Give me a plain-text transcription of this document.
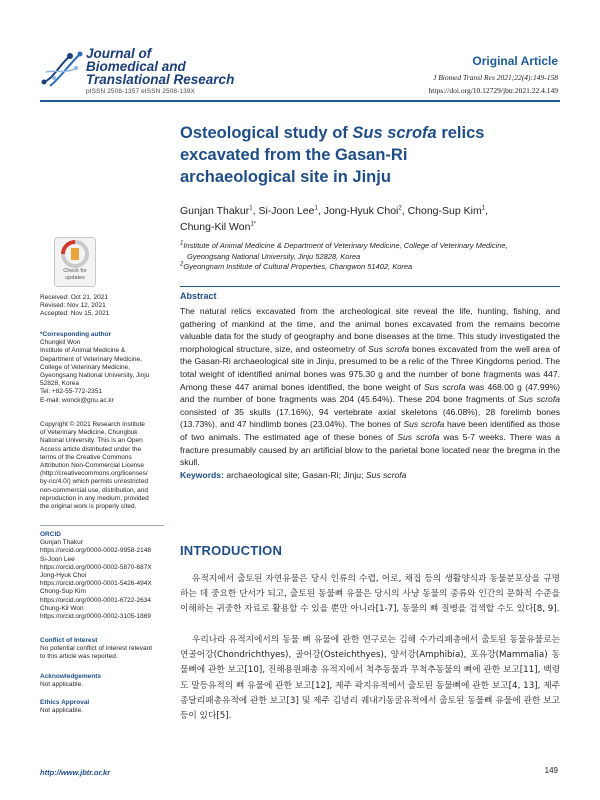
Journal of
Biomedical and
Translational Research
pISSN 2508-1357 eISSN 2508-139X
Original Article
J Biomed Transl Res 2021;22(4):149-158
https://doi.org/10.12729/jbtr.2021.22.4.149
Osteological study of Sus scrofa relics excavated from the Gasan-Ri archaeological site in Jinju
Gunjan Thakur$^1$, Si-Joon Lee$^1$, Jong-Hyuk Choi$^2$, Chong-Sup Kim$^1$,
Chung-Kil Won$^{1*}$
$^1$Institute of Animal Medicine & Department of Veterinary Medicine, College of Veterinary Medicine,
Gyeongsang National University, Jinju 52828, Korea
$^2$Gyeongnam Institute of Cultural Properties, Changwon 51402, Korea
Check for
updates
Received: Oct 21, 2021
Revised: Nov 12, 2021
Accepted: Nov 15, 2021
*Corresponding author
Chungkil Won
Institute of Animal Medicine &
Department of Veterinary Medicine,
College of Veterinary Medicine,
Gyeongsang National University, Jinju
52828, Korea
Tel: +82-55-772-2351
E-mail: wonck@gnu.ac.kr
Copyright © 2021 Research Institute
of Veterinary Medicine, Chungbuk
National University. This is an Open
Access article distributed under the
terms of the Creative Commons
Attribution Non-Commercial License
(http://creativecommons.org/licenses/
by-nc/4.0/) which permits unrestricted
non-commercial use, distribution, and
reproduction in any medium, provided
the original work is properly cited.
ORCID
Gunjan Thakur
https://orcid.org/0000-0002-9958-2148
Si-Joon Lee
https://orcid.org/0000-0002-5870-687X
Jong-Hyuk Choi
https://orcid.org/0000-0001-5426-494X
Chong-Sup Kim
https://orcid.org/0000-0001-6722-2634
Chung-Kil Won
https://orcid.org/0000-0002-3105-1869
Conflict of Interest
No potential conflict of interest relevant
to this article was reported.
Acknowledgements
Not applicable.
Ethics Approval
Not applicable.
Abstract
The natural relics excavated from the archeological site reveal the life, hunting, fishing, and gathering of mankind at the time, and the animal bones excavated from the remains become valuable data for the study of geography and bone diseases at the time. This study investigated the morphological structure, size, and osteometry of Sus scrofa bones excavated from the well area of the Gasan-Ri archaeological site in Jinju, presumed to be a relic of the Three Kingdoms period. The total weight of identified animal bones was 975.30 g and the number of bone fragments was 447. Among these 447 animal bones identified, the bone weight of Sus scrofa was 468.00 g (47.99%) and the number of bone fragments was 204 (45.64%). These 204 bone fragments of Sus scrofa consisted of 35 skulls (17.16%), 94 vertebrate axial skeletons (46.08%), 28 forelimb bones (13.73%), and 47 hindlimb bones (23.04%). The bones of Sus scrofa have been identified as those of two animals. The estimated age of these bones of Sus scrofa was 5-7 weeks. There was a fracture presumably caused by an artificial blow to the parietal bone located near the bregma in the skull.
Keywords: archaeological site; Gasan-Ri; Jinju; Sus scrofa
INTRODUCTION
유적지에서 출토된 자연유물은 당시 인류의 수렵, 어로, 채집 등의 생활양식과 동물분포상을 규명하는 데 중요한 단서가 되고, 출토된 동물뼈 유물은 당시의 사냥 동물의 종류와 인간의 문화적 수준을 이해하는 귀중한 자료로 활용할 수 있을 뿐만 아니라[1-7], 동물의 뼈 질병을 검색할 수도 있다[8, 9].
우리나라 유적지에서의 동물 뼈 유물에 관한 연구로는 김해 수가리패총에서 출토된 동물유물로는 연골어강(Chondrichthyes), 골어강(Osteichthyes), 양서강(Amphibia), 포유강(Mammalia) 동물뼈에 관한 보고[10], 진해용원패총 유적지에서 척추동물과 무척추동물의 뼈에 관한 보고[11], 백령도 말등유적의 뼈 유물에 관한 보고[12], 제주 곽지유적에서 출토된 동물뼈에 관한 보고[4, 13], 제주 종달리패총유적에 관한 보고[3] 및 제주 김녕리 궤내기동굴유적에서 출토된 동물뼈 유물에 관한 보고 등이 있다[5].
http://www.jbtr.or.kr	149
